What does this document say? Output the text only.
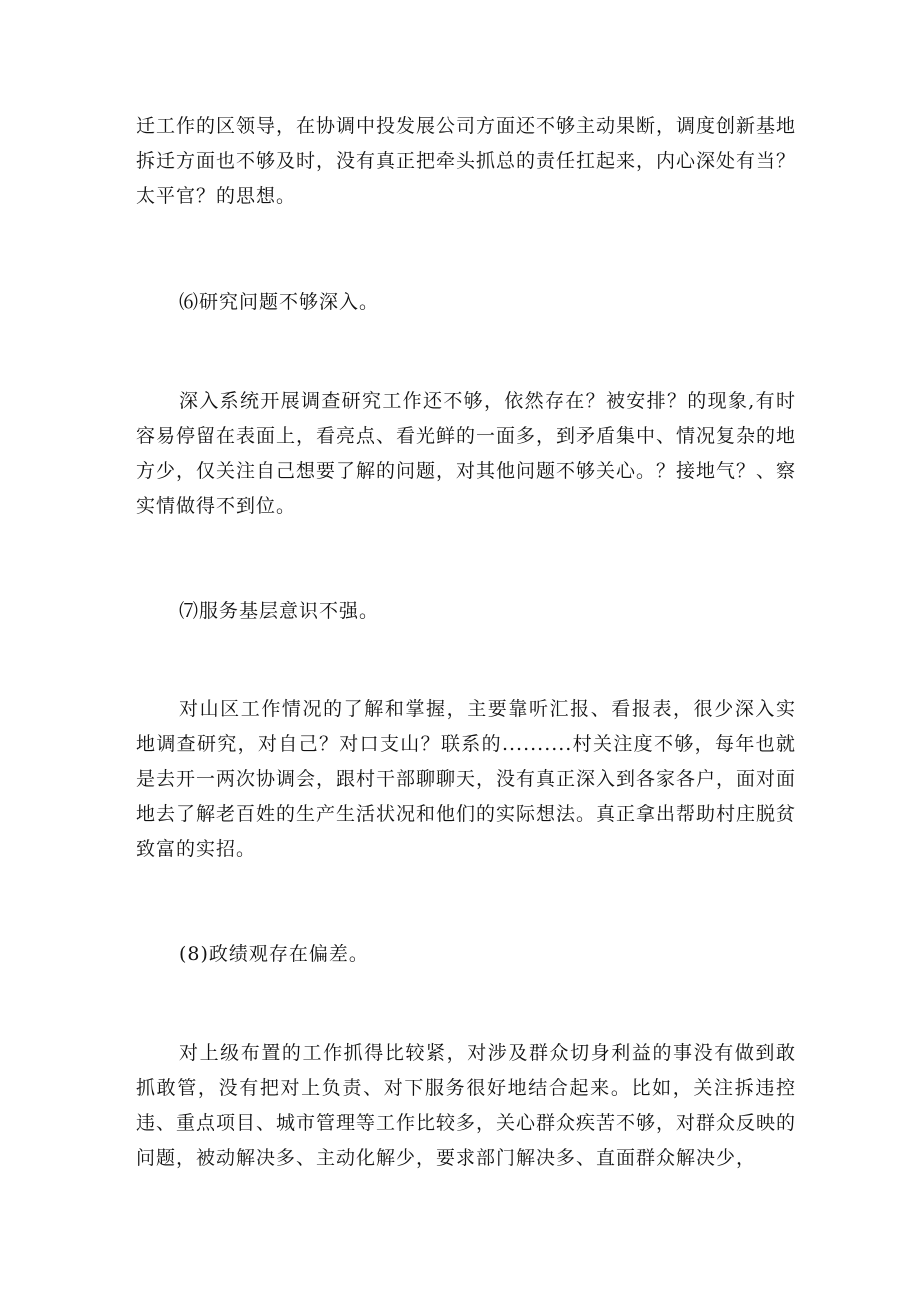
迁工作的区领导，在协调中投发展公司方面还不够主动果断，调度创新基地拆迁方面也不够及时，没有真正把牵头抓总的责任扛起来，内心深处有当？太平官？的思想。

⑹研究问题不够深入。

深入系统开展调查研究工作还不够，依然存在？被安排？的现象,有时容易停留在表面上，看亮点、看光鲜的一面多，到矛盾集中、情况复杂的地方少，仅关注自己想要了解的问题，对其他问题不够关心。？接地气？、察实情做得不到位。

⑺服务基层意识不强。

对山区工作情况的了解和掌握，主要靠听汇报、看报表，很少深入实地调查研究，对自己？对口支山？联系的..........村关注度不够，每年也就是去开一两次协调会，跟村干部聊聊天，没有真正深入到各家各户，面对面地去了解老百姓的生产生活状况和他们的实际想法。真正拿出帮助村庄脱贫致富的实招。

(8)政绩观存在偏差。

对上级布置的工作抓得比较紧，对涉及群众切身利益的事没有做到敢抓敢管，没有把对上负责、对下服务很好地结合起来。比如，关注拆违控违、重点项目、城市管理等工作比较多，关心群众疾苦不够，对群众反映的问题，被动解决多、主动化解少，要求部门解决多、直面群众解决少，
